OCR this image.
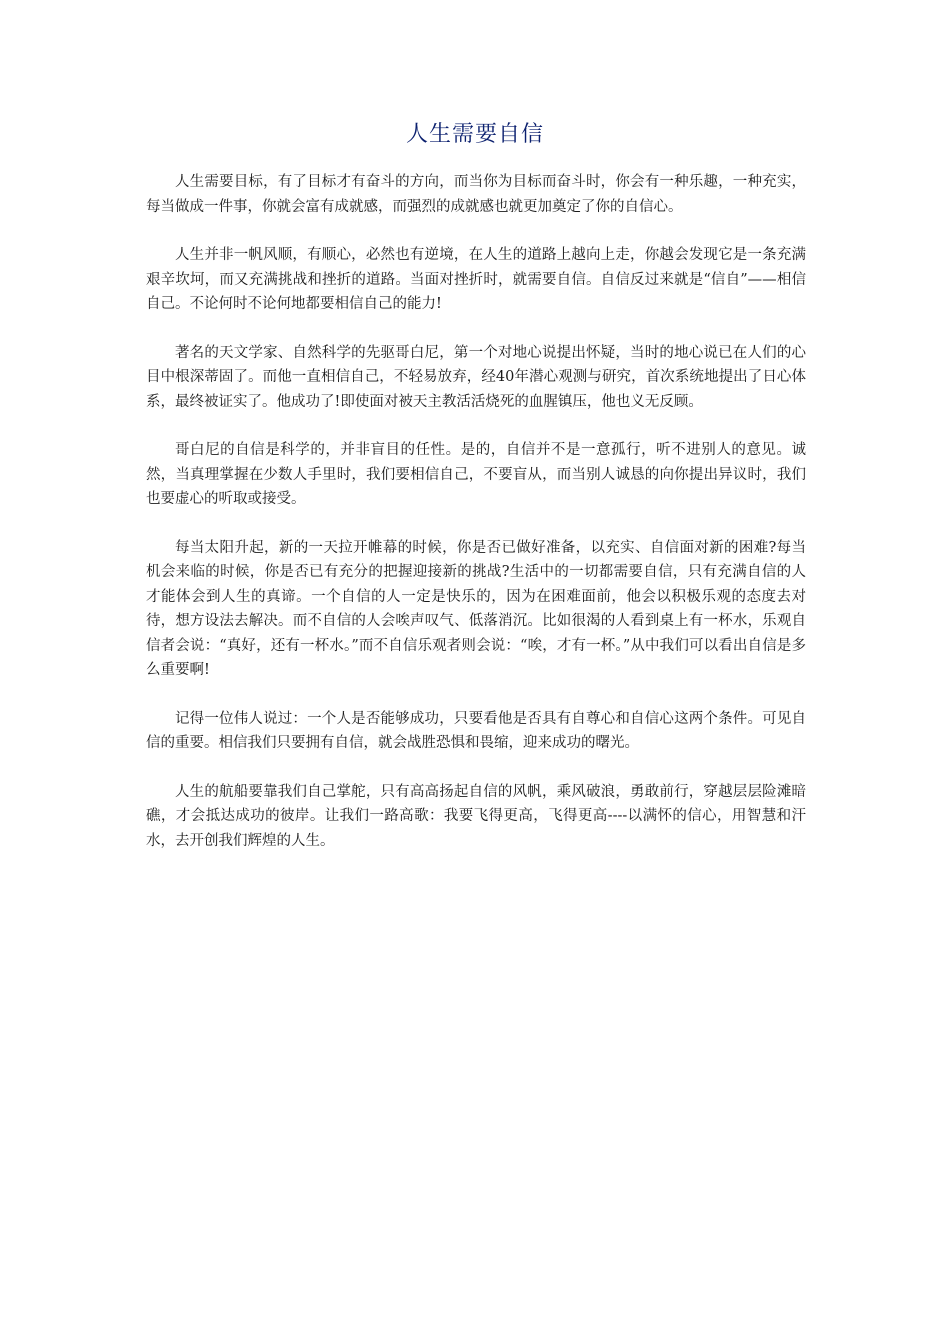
人生需要自信

人生需要目标，有了目标才有奋斗的方向，而当你为目标而奋斗时，你会有一种乐趣，一种充实，每当做成一件事，你就会富有成就感，而强烈的成就感也就更加奠定了你的自信心。

人生并非一帆风顺，有顺心，必然也有逆境，在人生的道路上越向上走，你越会发现它是一条充满艰辛坎坷，而又充满挑战和挫折的道路。当面对挫折时，就需要自信。自信反过来就是“信自”——相信自己。不论何时不论何地都要相信自己的能力!

著名的天文学家、自然科学的先驱哥白尼，第一个对地心说提出怀疑，当时的地心说已在人们的心目中根深蒂固了。而他一直相信自己，不轻易放弃，经40年潜心观测与研究，首次系统地提出了日心体系，最终被证实了。他成功了!即使面对被天主教活活烧死的血腥镇压，他也义无反顾。

哥白尼的自信是科学的，并非盲目的任性。是的，自信并不是一意孤行，听不进别人的意见。诚然，当真理掌握在少数人手里时，我们要相信自己，不要盲从，而当别人诚恳的向你提出异议时，我们也要虚心的听取或接受。

每当太阳升起，新的一天拉开帷幕的时候，你是否已做好准备，以充实、自信面对新的困难?每当机会来临的时候，你是否已有充分的把握迎接新的挑战?生活中的一切都需要自信，只有充满自信的人才能体会到人生的真谛。一个自信的人一定是快乐的，因为在困难面前，他会以积极乐观的态度去对待，想方设法去解决。而不自信的人会唉声叹气、低落消沉。比如很渴的人看到桌上有一杯水，乐观自信者会说：“真好，还有一杯水。”而不自信乐观者则会说：“唉，才有一杯。”从中我们可以看出自信是多么重要啊!

记得一位伟人说过：一个人是否能够成功，只要看他是否具有自尊心和自信心这两个条件。可见自信的重要。相信我们只要拥有自信，就会战胜恐惧和畏缩，迎来成功的曙光。

人生的航船要靠我们自己掌舵，只有高高扬起自信的风帆，乘风破浪，勇敢前行，穿越层层险滩暗礁，才会抵达成功的彼岸。让我们一路高歌：我要飞得更高，飞得更高----以满怀的信心，用智慧和汗水，去开创我们辉煌的人生。
